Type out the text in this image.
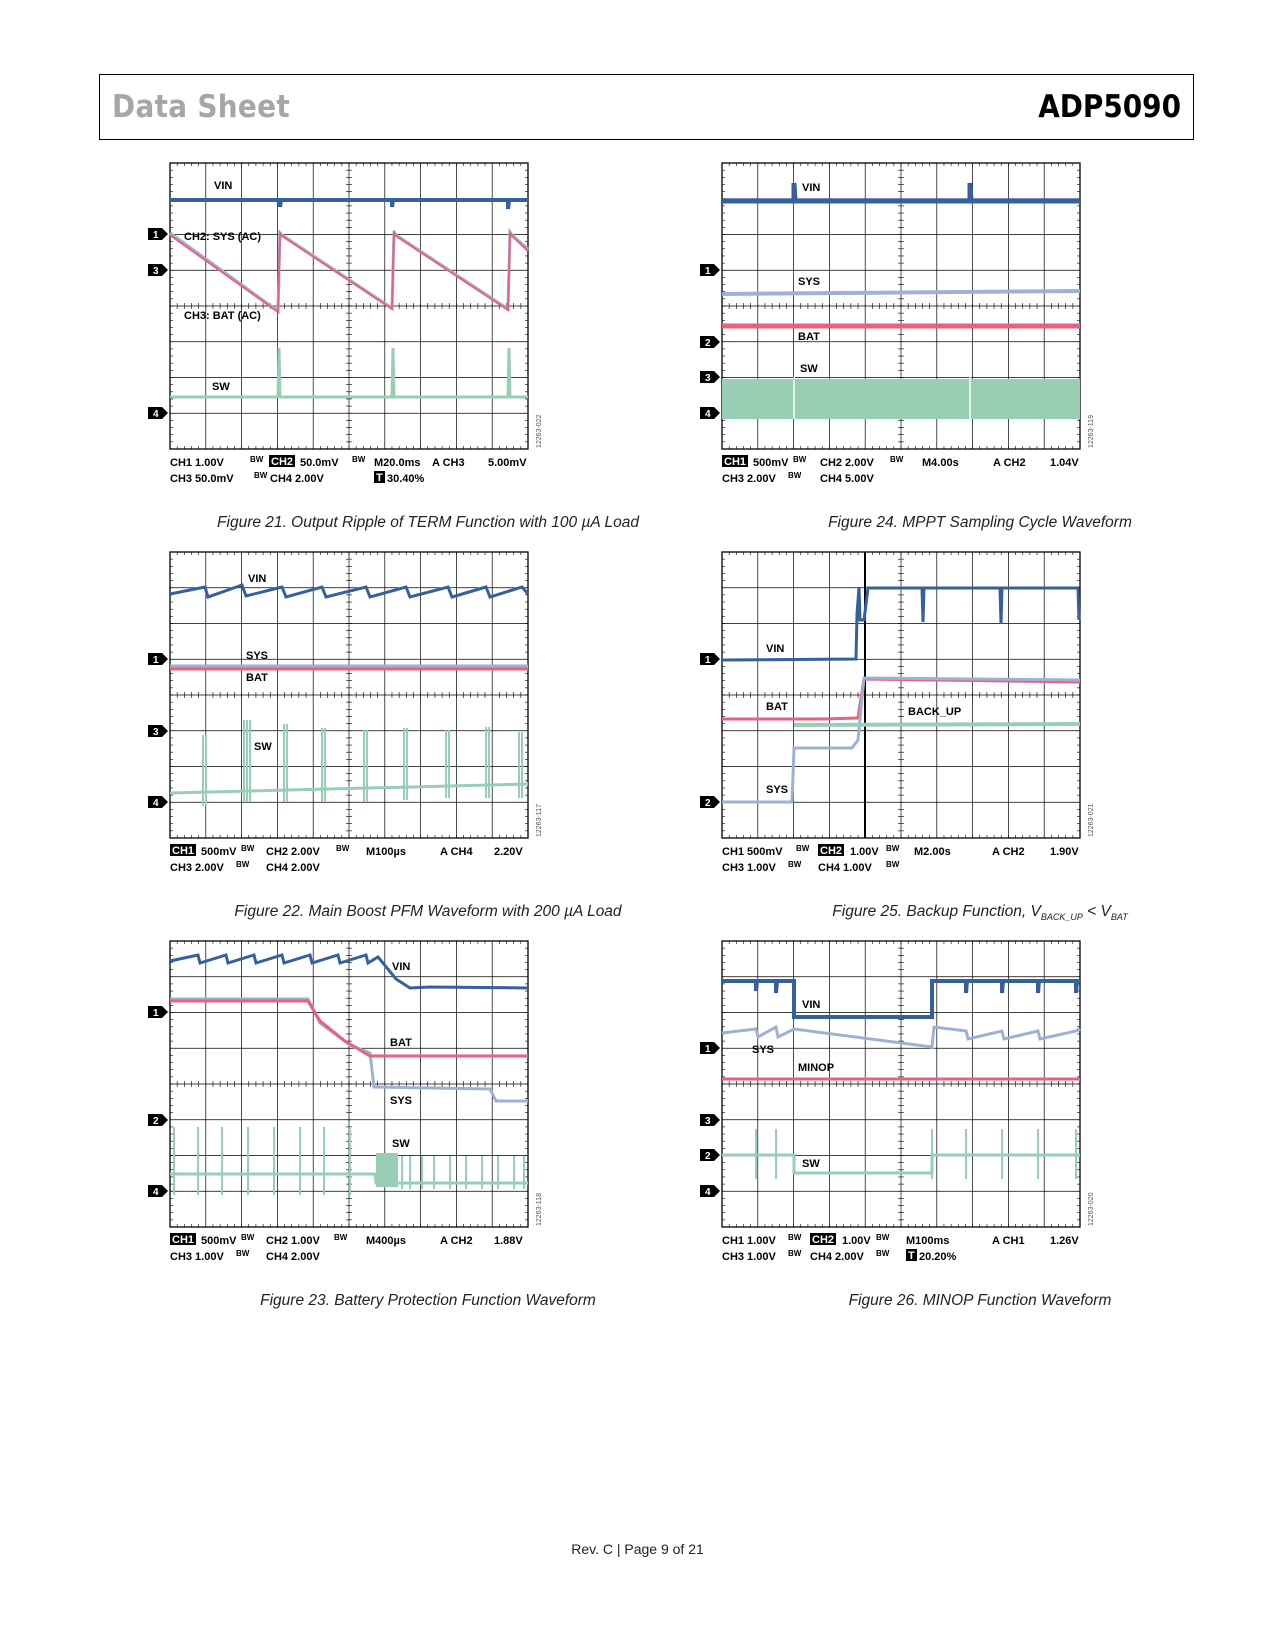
Data Sheet	ADP5090
VIN
CH2: SYS (AC)
CH3: BAT (AC)
SW
1
3
4
12263-022
CH1 1.00V	BW CH2 50.0mV BW M20.0ms A CH3 5.00mV
CH3 50.0mV	BW CH4 2.00V	T 30.40%
Figure 21. Output Ripple of TERM Function with 100 µA Load
VIN
SYS
BAT
SW
1
2
3
4
12263-119
CH1 500mV BW CH2 2.00V BW M4.00s	A CH2 1.04V
CH3 2.00V BW CH4 5.00V
Figure 24. MPPT Sampling Cycle Waveform
VIN
SYS
BAT
SW
1
3
4
12263-117
CH1 500mV BW CH2 2.00V BW M100µs	A CH4 2.20V
CH3 2.00V BW CH4 2.00V
Figure 22. Main Boost PFM Waveform with 200 µA Load
VIN
BAT	BACK_UP
SYS
1
2
12263-021
CH1 500mV BW CH2 1.00V BW M2.00s	A CH2 1.90V
CH3 1.00V BW CH4 1.00V BW
Figure 25. Backup Function, $V_{BACK\_UP} < V_{BAT}$
VIN
BAT
SYS
SW
1
2
4
12263-118
CH1 500mV BW CH2 1.00V BW M400µs	A CH2 1.88V
CH3 1.00V BW CH4 2.00V
Figure 23. Battery Protection Function Waveform
VIN
SYS
MINOP
SW
1
3
2
4
12263-020
CH1 1.00V BW CH2 1.00V BW M100ms	A CH1 1.26V
CH3 1.00V BW CH4 2.00V BW T 20.20%
Figure 26. MINOP Function Waveform
Rev. C | Page 9 of 21
